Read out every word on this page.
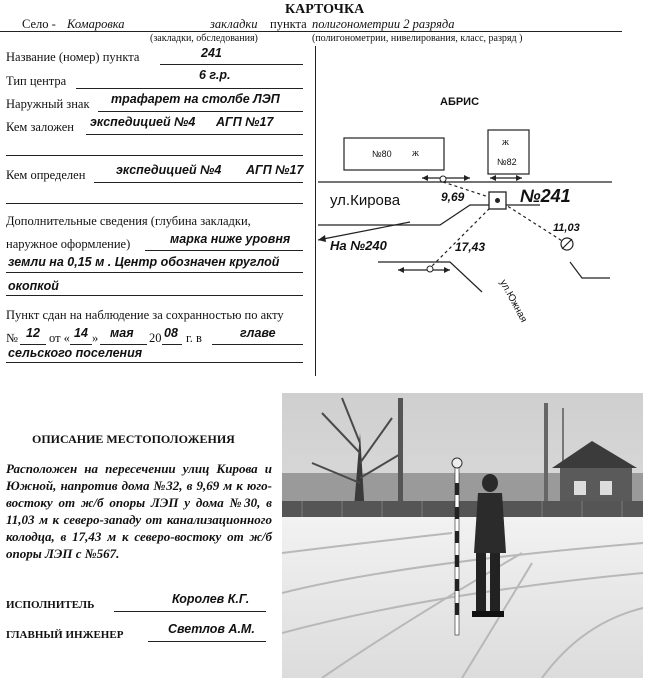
КАРТОЧКА
Село - Комаровка	закладки пункта полигонометрии 2 разряда
(закладки, обследования)	(полигонометрии, нивелирования, класс, разряд )
Название (номер) пункта	241
Тип центра	6 г.р.
Наружный знак трафарет на столбе ЛЭП
Кем заложен экспедицией №4 АГП №17
Кем определен экспедицией №4 АГП №17
Дополнительные сведения (глубина закладки,
наружное оформление)	марка ниже уровня
земли на 0,15 м . Центр обозначен круглой
окопкой
Пункт сдан на наблюдение за сохранностью по акту
№ 12 от « 14 » мая 20 08 г. в	главе
сельского поселения
АБРИС
№80 ж
ж
№82
ул.Кирова	9,69	№241
11,03
На №240	17,43
ул.Южная
ОПИСАНИЕ МЕСТОПОЛОЖЕНИЯ
Расположен на пересечении улиц Кирова и Южной, напротив дома №32, в 9,69 м к юго-востоку от ж/б опоры ЛЭП у дома №30, в 11,03 м к северо-западу от канализационного колодца, в 17,43 м к северо-востоку от ж/б опоры ЛЭП с №567.
ИСПОЛНИТЕЛЬ	Королев К.Г.
ГЛАВНЫЙ ИНЖЕНЕР	Светлов А.М.
